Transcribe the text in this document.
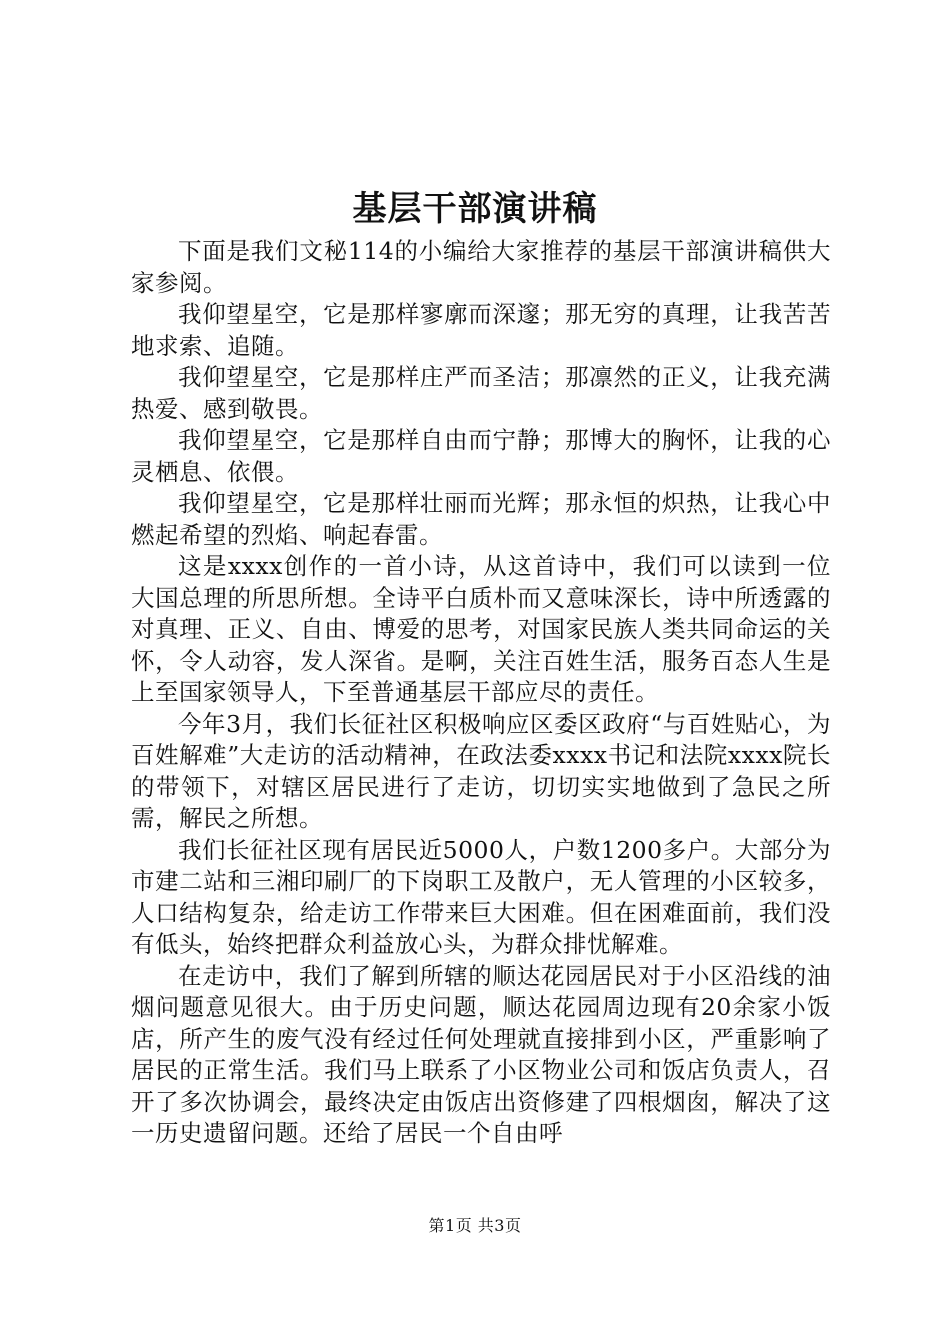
基层干部演讲稿

下面是我们文秘114的小编给大家推荐的基层干部演讲稿供大家参阅。

我仰望星空，它是那样寥廓而深邃；那无穷的真理，让我苦苦地求索、追随。

我仰望星空，它是那样庄严而圣洁；那凛然的正义，让我充满热爱、感到敬畏。

我仰望星空，它是那样自由而宁静；那博大的胸怀，让我的心灵栖息、依偎。

我仰望星空，它是那样壮丽而光辉；那永恒的炽热，让我心中燃起希望的烈焰、响起春雷。

这是xxxx创作的一首小诗，从这首诗中，我们可以读到一位大国总理的所思所想。全诗平白质朴而又意味深长，诗中所透露的对真理、正义、自由、博爱的思考，对国家民族人类共同命运的关怀，令人动容，发人深省。是啊，关注百姓生活，服务百态人生是上至国家领导人，下至普通基层干部应尽的责任。

今年3月，我们长征社区积极响应区委区政府“与百姓贴心，为百姓解难”大走访的活动精神，在政法委xxxx书记和法院xxxx院长的带领下，对辖区居民进行了走访，切切实实地做到了急民之所需，解民之所想。

我们长征社区现有居民近5000人，户数1200多户。大部分为市建二站和三湘印刷厂的下岗职工及散户，无人管理的小区较多，人口结构复杂，给走访工作带来巨大困难。但在困难面前，我们没有低头，始终把群众利益放心头，为群众排忧解难。

在走访中，我们了解到所辖的顺达花园居民对于小区沿线的油烟问题意见很大。由于历史问题，顺达花园周边现有20余家小饭店，所产生的废气没有经过任何处理就直接排到小区，严重影响了居民的正常生活。我们马上联系了小区物业公司和饭店负责人，召开了多次协调会，最终决定由饭店出资修建了四根烟囱，解决了这一历史遗留问题。还给了居民一个自由呼

第1页 共3页
